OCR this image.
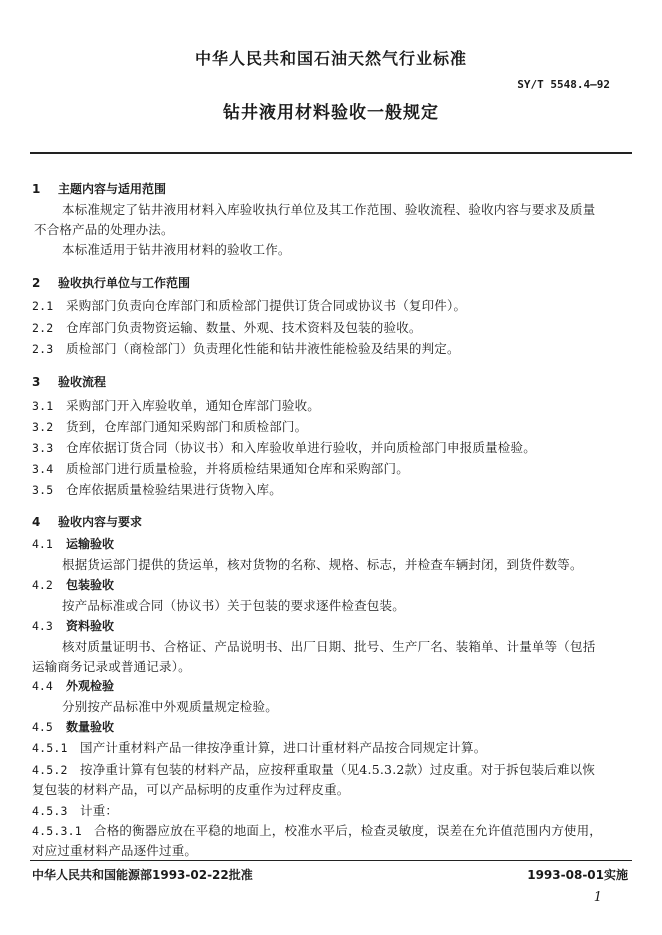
中华人民共和国石油天然气行业标准
SY/T 5548.4—92
钻井液用材料验收一般规定
1 主题内容与适用范围
本标准规定了钻井液用材料入库验收执行单位及其工作范围、验收流程、验收内容与要求及质量
不合格产品的处理办法。
本标准适用于钻井液用材料的验收工作。
2 验收执行单位与工作范围
2.1 采购部门负责向仓库部门和质检部门提供订货合同或协议书（复印件）。
2.2 仓库部门负责物资运输、数量、外观、技术资料及包装的验收。
2.3 质检部门（商检部门）负责理化性能和钻井液性能检验及结果的判定。
3 验收流程
3.1 采购部门开入库验收单，通知仓库部门验收。
3.2 货到，仓库部门通知采购部门和质检部门。
3.3 仓库依据订货合同（协议书）和入库验收单进行验收，并向质检部门申报质量检验。
3.4 质检部门进行质量检验，并将质检结果通知仓库和采购部门。
3.5 仓库依据质量检验结果进行货物入库。
4 验收内容与要求
4.1 运输验收
根据货运部门提供的货运单，核对货物的名称、规格、标志，并检查车辆封闭，到货件数等。
4.2 包装验收
按产品标准或合同（协议书）关于包装的要求逐件检查包装。
4.3 资料验收
核对质量证明书、合格证、产品说明书、出厂日期、批号、生产厂名、装箱单、计量单等（包括
运输商务记录或普通记录）。
4.4 外观检验
分别按产品标准中外观质量规定检验。
4.5 数量验收
4.5.1 国产计重材料产品一律按净重计算，进口计重材料产品按合同规定计算。
4.5.2 按净重计算有包装的材料产品，应按秤重取量（见4.5.3.2款）过皮重。对于拆包装后难以恢
复包装的材料产品，可以产品标明的皮重作为过秤皮重。
4.5.3 计重：
4.5.3.1 合格的衡器应放在平稳的地面上，校准水平后，检查灵敏度，误差在允许值范围内方使用，
中华人民共和国能源部1993-02-22批准	1993-08-01实施
1
对应过重材料产品逐件过重。
